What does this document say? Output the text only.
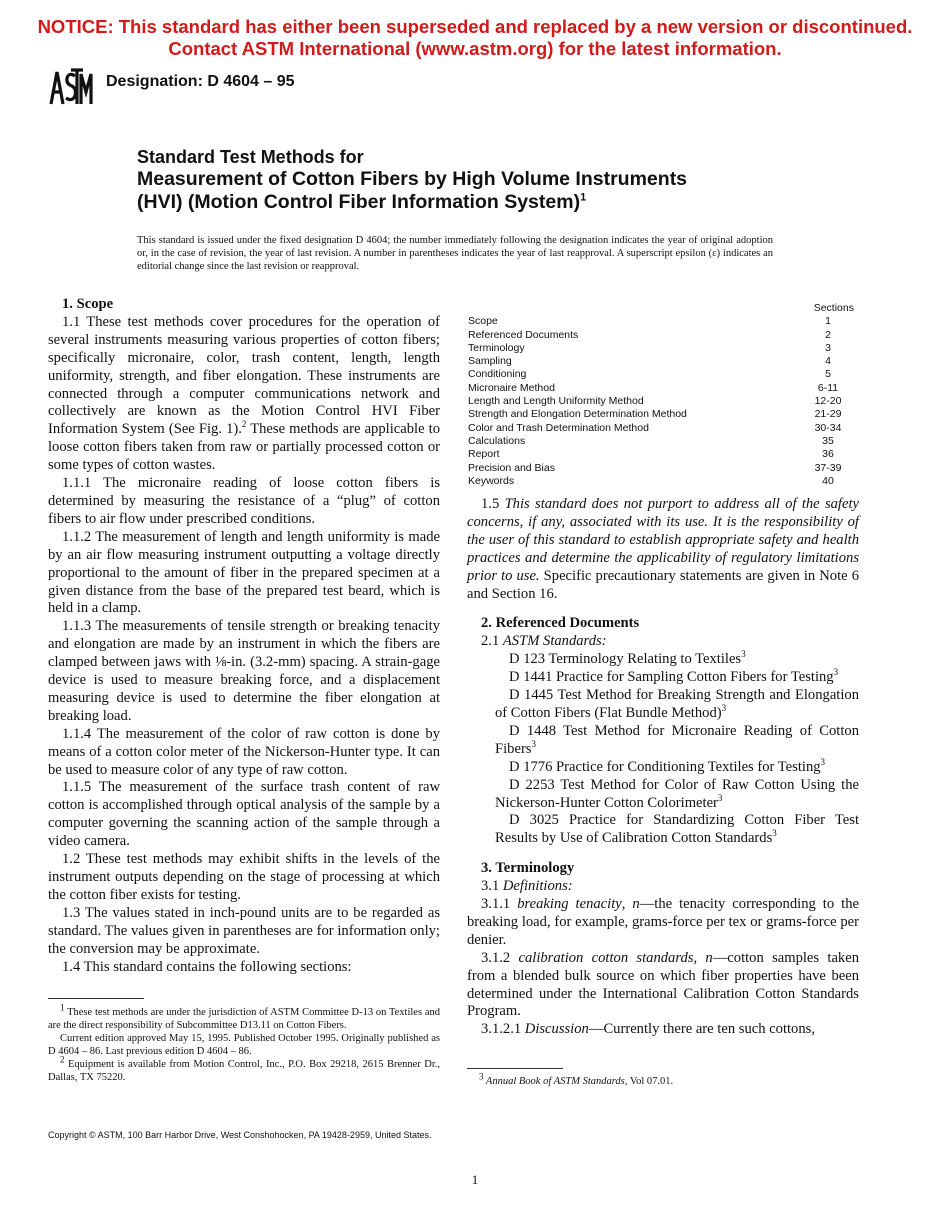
NOTICE: This standard has either been superseded and replaced by a new version or discontinued.
Contact ASTM International (www.astm.org) for the latest information.
Designation: D 4604 – 95
Standard Test Methods for
Measurement of Cotton Fibers by High Volume Instruments
(HVI) (Motion Control Fiber Information System)$^1$
This standard is issued under the fixed designation D 4604; the number immediately following the designation indicates the year of original adoption or, in the case of revision, the year of last revision. A number in parentheses indicates the year of last reapproval. A superscript epsilon (ε) indicates an editorial change since the last revision or reapproval.

1. Scope

1.1 These test methods cover procedures for the operation of several instruments measuring various properties of cotton fibers; specifically micronaire, color, trash content, length, length uniformity, strength, and fiber elongation. These instruments are connected through a computer communications network and collectively are known as the Motion Control HVI Fiber Information System (See Fig. 1).$^2$ These methods are applicable to loose cotton fibers taken from raw or partially processed cotton or some types of cotton wastes.

1.1.1 The micronaire reading of loose cotton fibers is determined by measuring the resistance of a “plug” of cotton fibers to air flow under prescribed conditions.

1.1.2 The measurement of length and length uniformity is made by an air flow measuring instrument outputting a voltage directly proportional to the amount of fiber in the prepared specimen at a given distance from the base of the prepared test beard, which is held in a clamp.

1.1.3 The measurements of tensile strength or breaking tenacity and elongation are made by an instrument in which the fibers are clamped between jaws with ⅛-in. (3.2-mm) spacing. A strain-gage device is used to measure breaking force, and a displacement measuring device is used to determine the fiber elongation at breaking load.

1.1.4 The measurement of the color of raw cotton is done by means of a cotton color meter of the Nickerson-Hunter type. It can be used to measure color of any type of raw cotton.

1.1.5 The measurement of the surface trash content of raw cotton is accomplished through optical analysis of the sample by a computer governing the scanning action of the sample through a video camera.

1.2 These test methods may exhibit shifts in the levels of the instrument outputs depending on the stage of processing at which the cotton fiber exists for testing.

1.3 The values stated in inch-pound units are to be regarded as standard. The values given in parentheses are for information only; the conversion may be approximate.

1.4 This standard contains the following sections:

Sections
Scope	1
Referenced Documents	2
Terminology	3
Sampling	4
Conditioning	5
Micronaire Method	6-11
Length and Length Uniformity Method	12-20
Strength and Elongation Determination Method	21-29
Color and Trash Determination Method	30-34
Calculations	35
Report	36
Precision and Bias	37-39
Keywords	40

1.5 This standard does not purport to address all of the safety concerns, if any, associated with its use. It is the responsibility of the user of this standard to establish appropriate safety and health practices and determine the applicability of regulatory limitations prior to use. Specific precautionary statements are given in Note 6 and Section 16.

2. Referenced Documents

2.1 ASTM Standards:

D 123 Terminology Relating to Textiles$^3$

D 1441 Practice for Sampling Cotton Fibers for Testing$^3$

D 1445 Test Method for Breaking Strength and Elongation of Cotton Fibers (Flat Bundle Method)$^3$

D 1448 Test Method for Micronaire Reading of Cotton Fibers$^3$

D 1776 Practice for Conditioning Textiles for Testing$^3$

D 2253 Test Method for Color of Raw Cotton Using the Nickerson-Hunter Cotton Colorimeter$^3$

D 3025 Practice for Standardizing Cotton Fiber Test Results by Use of Calibration Cotton Standards$^3$

3. Terminology

3.1 Definitions:

3.1.1 breaking tenacity, n—the tenacity corresponding to the breaking load, for example, grams-force per tex or grams-force per denier.

3.1.2 calibration cotton standards, n—cotton samples taken from a blended bulk source on which fiber properties have been determined under the International Calibration Cotton Standards Program.

3.1.2.1 Discussion—Currently there are ten such cottons,

$^1$ These test methods are under the jurisdiction of ASTM Committee D-13 on Textiles and are the direct responsibility of Subcommittee D13.11 on Cotton Fibers.

Current edition approved May 15, 1995. Published October 1995. Originally published as D 4604 – 86. Last previous edition D 4604 – 86.

$^2$ Equipment is available from Motion Control, Inc., P.O. Box 29218, 2615 Brenner Dr., Dallas, TX 75220.	$^3$ Annual Book of ASTM Standards, Vol 07.01.

Copyright © ASTM, 100 Barr Harbor Drive, West Conshohocken, PA 19428-2959, United States.
1
